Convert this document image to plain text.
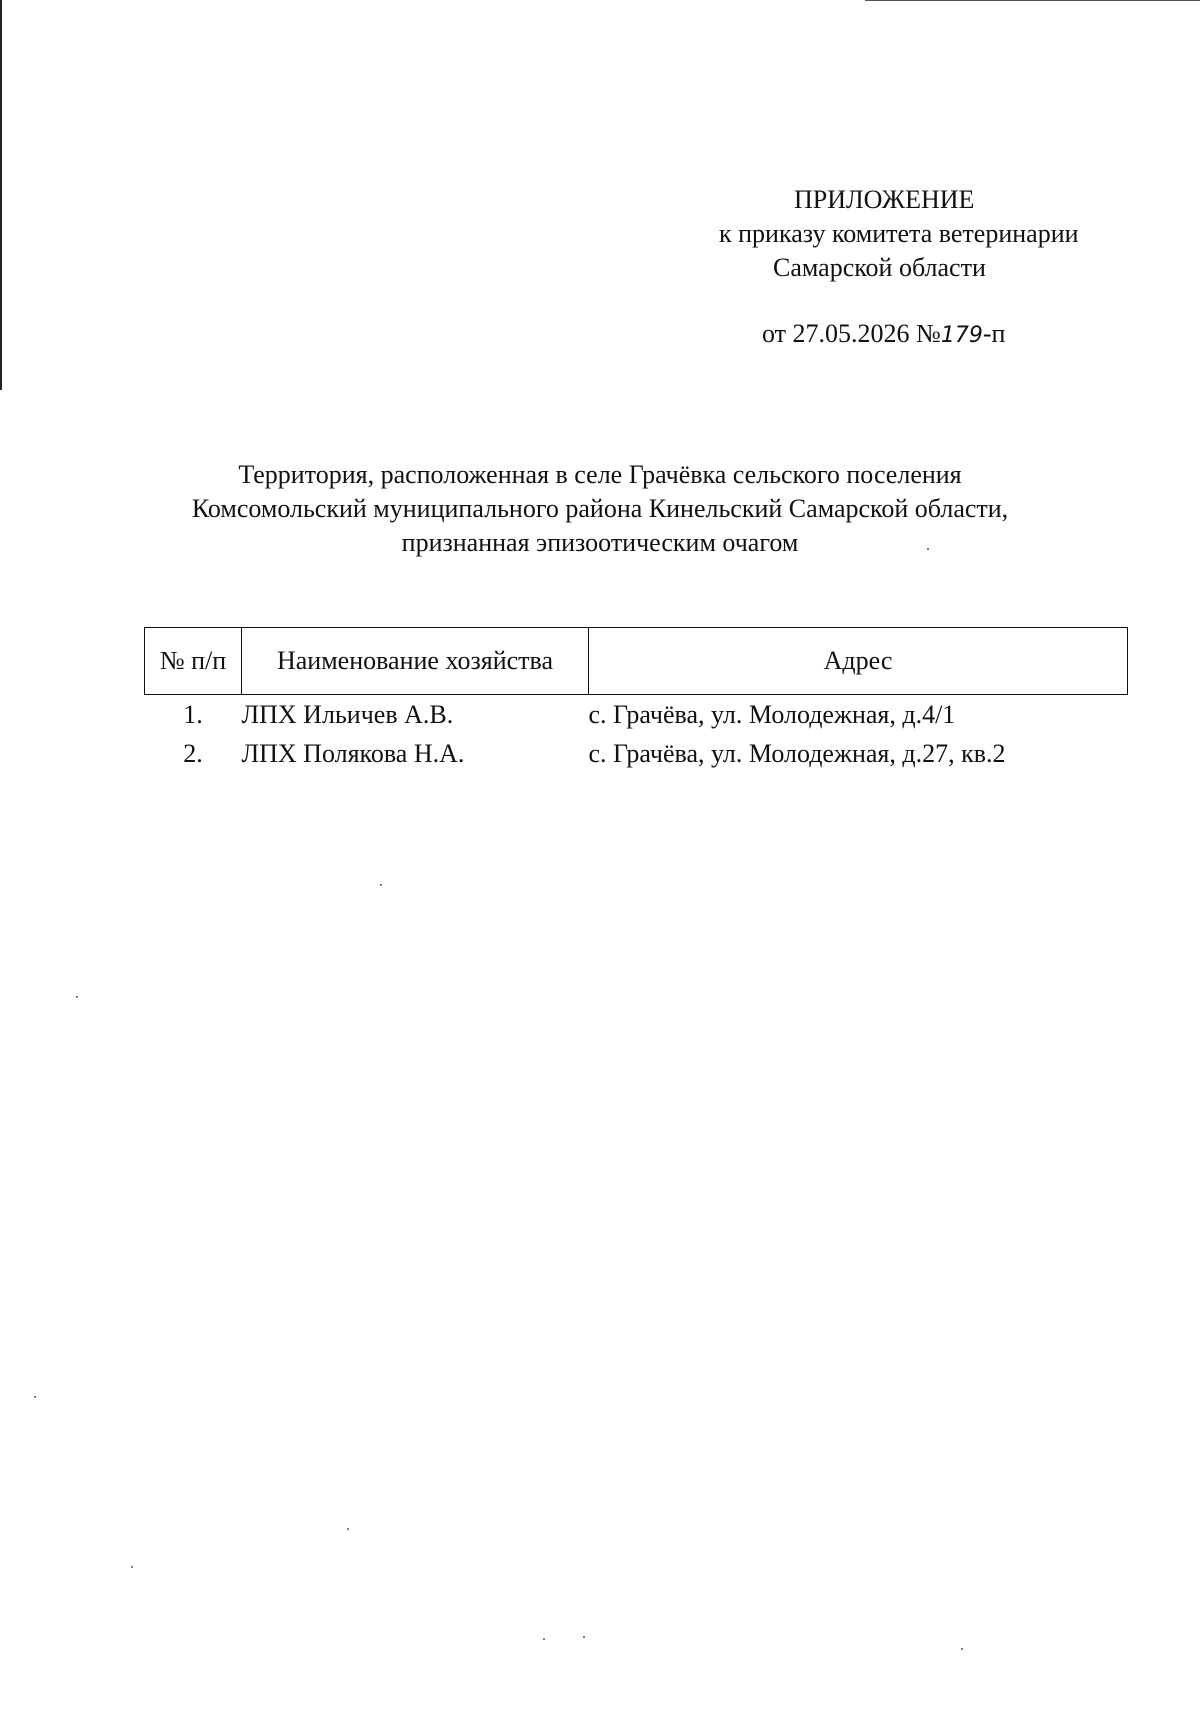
ПРИЛОЖЕНИЕ
к приказу комитета ветеринарии
Самарской области
от 27.05.2026 №179-п
Территория, расположенная в селе Грачёвка сельского поселения
Комсомольский муниципального района Кинельский Самарской области,
признанная эпизоотическим очагом
№ п/п	Наименование хозяйства	Адрес
1.	ЛПХ Ильичев А.В.	с. Грачёва, ул. Молодежная, д.4/1
2.	ЛПХ Полякова Н.А.	с. Грачёва, ул. Молодежная, д.27, кв.2
